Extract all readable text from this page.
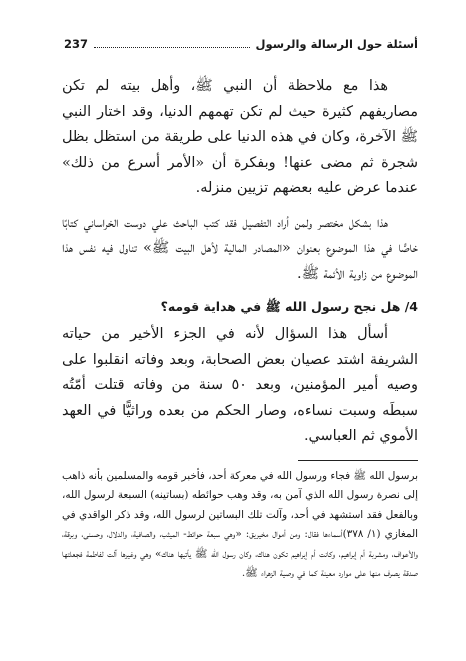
أسئلة حول الرسالة والرسول
237

هذا مع ملاحظة أن النبي ﷺ، وأهل بيته لم تكن مصاريفهم كثيرة حيث لم تكن تهمهم الدنيا، وقد اختار النبي ﷺ الآخرة، وكان في هذه الدنيا على طريقة من استظل بظل شجرة ثم مضى عنها! وبفكرة أن «الأمر أسرع من ذلك» عندما عرض عليه بعضهم تزيين منزله.

هذا بشكل مختصر ولمن أراد التفصيل فقد كتب الباحث علي دوست الخراساني كتابًا خاصًّا في هذا الموضوع بعنوان «المصادر المالية لأهل البيت ﷺ» تناول فيه نفس هذا الموضوع من زاوية الأئمة ﷺ.

4/ هل نجح رسول الله ﷺ في هداية قومه؟

أسأل هذا السؤال لأنه في الجزء الأخير من حياته الشريفة اشتد عصيان بعض الصحابة، وبعد وفاته انقلبوا على وصيه أمير المؤمنين، وبعد ٥٠ سنة من وفاته قتلت أمّتُه سبطَه وسبت نساءه، وصار الحكم من بعده وراثيًّا في العهد الأموي ثم العباسي.

برسول الله ﷺ فجاء ورسول الله في معركة أحد، فأخبر قومه والمسلمين بأنه ذاهب إلى نصرة رسول الله الذي آمن به، وقد وهب حوائطه (بساتينه) السبعة لرسول الله، وبالفعل فقد استشهد في أحد، وآلت تلك البساتين لرسول الله، وقد ذكر الواقدي في المغازي (١/ ٣٧٨)أسماءها فقال: ومن أموال مخيريق: «وهي سبعة حوائط- الميثب، والصافية، والدلال، وحسنى، وبرقة، والأعواف، ومشربة أم إبراهيم، وكانت أم إبراهيم تكون هناك، وكان رسول الله ﷺ يأتيها هناك» وهي وغيرها آلت لفاطمة فجعلتها صدقة يصرف منها على موارد معينة كما في وصية الزهراء ﷺ.
